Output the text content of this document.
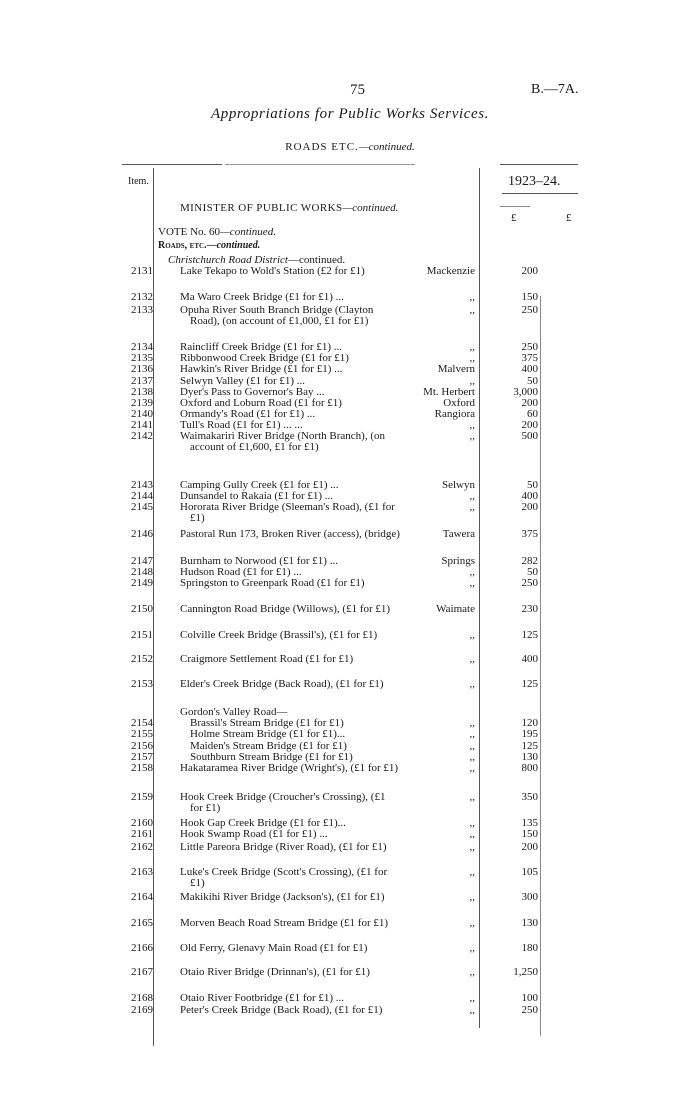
75	B.—7A.
Appropriations for Public Works Services.
ROADS ETC.—continued.
Item.	1923–24.
MINISTER OF PUBLIC WORKS—continued.
£	£
VOTE No. 60—continued.
Roads, etc.—continued.
Christchurch Road District—continued.
2131 Lake Tekapo to Wold's Station (£2 for £1)	Mackenzie	200
2132 Ma Waro Creek Bridge (£1 for £1) ...	,,	150
2133 Opuha River South Branch Bridge (Clayton Road), (on account of £1,000, £1 for £1)
,,	250
2134 Raincliff Creek Bridge (£1 for £1) ...	,,	250
2135 Ribbonwood Creek Bridge (£1 for £1)	,,	375
2136 Hawkin's River Bridge (£1 for £1) ...	Malvern	400
2137 Selwyn Valley (£1 for £1) ...	,,	50
2138 Dyer's Pass to Governor's Bay ...	Mt. Herbert	3,000
2139 Oxford and Loburn Road (£1 for £1)	Oxford	200
2140 Ormandy's Road (£1 for £1) ...	Rangiora	60
2141 Tull's Road (£1 for £1) ... ...	,,	200
2142 Waimakariri River Bridge (North Branch), (on account of £1,600, £1 for £1)
,,	500
2143 Camping Gully Creek (£1 for £1) ...	Selwyn	50
2144 Dunsandel to Rakaia (£1 for £1) ...	,,	400
2145 Hororata River Bridge (Sleeman's Road), (£1 for £1)
,,	200
2146 Pastoral Run 173, Broken River (access), (bridge)	Tawera	375
2147 Burnham to Norwood (£1 for £1) ...	Springs	282
2148 Hudson Road (£1 for £1) ...	,,	50
2149 Springston to Greenpark Road (£1 for £1)	,,	250
2150 Cannington Road Bridge (Willows), (£1 for £1)	Waimate	230
2151 Colville Creek Bridge (Brassil's), (£1 for £1)	,,	125
2152 Craigmore Settlement Road (£1 for £1)	,,	400
2153 Elder's Creek Bridge (Back Road), (£1 for £1)	,,	125
Gordon's Valley Road—
2154	Brassil's Stream Bridge (£1 for £1)	,,	120
2155	Holme Stream Bridge (£1 for £1)...	,,	195
2156	Maiden's Stream Bridge (£1 for £1)	,,	125
2157	Southburn Stream Bridge (£1 for £1)	,,	130
2158 Hakataramea River Bridge (Wright's), (£1 for £1)	,,	800
2159 Hook Creek Bridge (Croucher's Crossing), (£1 for £1)
,,	350
2160 Hook Gap Creek Bridge (£1 for £1)...	,,	135
2161 Hook Swamp Road (£1 for £1) ...	,,	150
2162 Little Pareora Bridge (River Road), (£1 for £1)	,,	200
2163 Luke's Creek Bridge (Scott's Crossing), (£1 for £1)
,,	105
2164 Makikihi River Bridge (Jackson's), (£1 for £1)	,,	300
2165 Morven Beach Road Stream Bridge (£1 for £1)	,,	130
2166 Old Ferry, Glenavy Main Road (£1 for £1)	,,	180
2167 Otaio River Bridge (Drinnan's), (£1 for £1)	,,	1,250
2168 Otaio River Footbridge (£1 for £1) ...	,,	100
2169 Peter's Creek Bridge (Back Road), (£1 for £1)	,,	250
